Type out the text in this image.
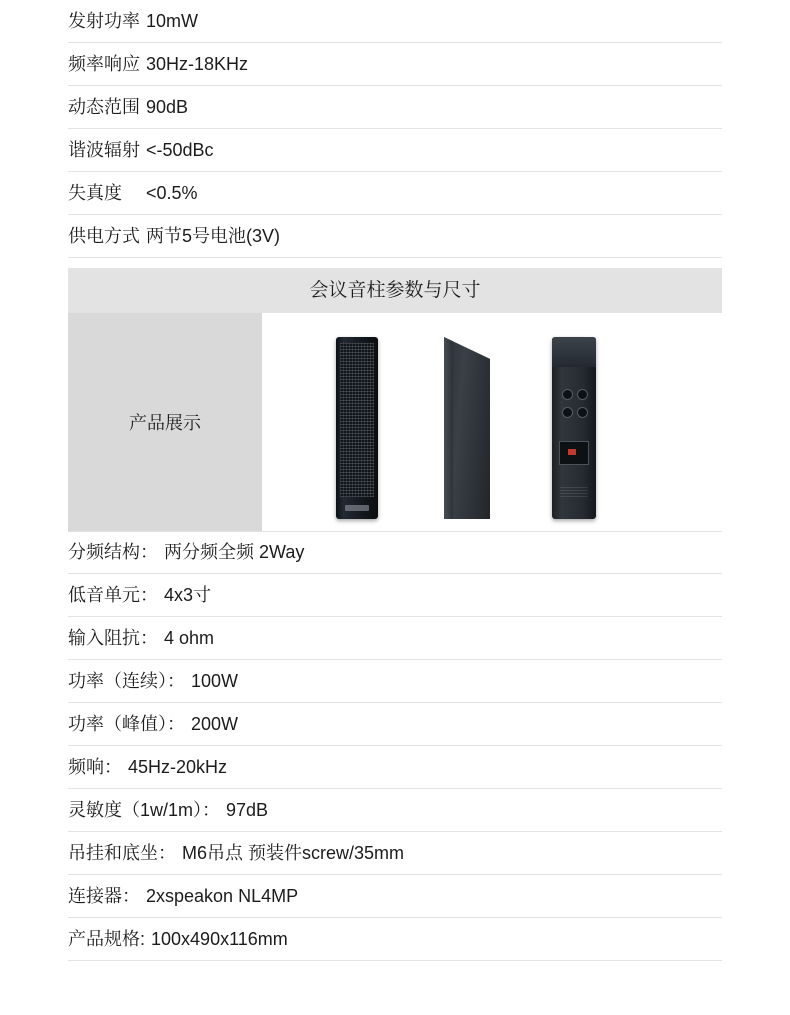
发射功率 10mW
频率响应 30Hz-18KHz
动态范围 90dB
谐波辐射 <-50dBc
失真度　<0.5%
供电方式 两节5号电池(3V)
会议音柱参数与尺寸
产品展示
分频结构： 两分频全频 2Way
低音单元： 4x3寸
输入阻抗： 4 ohm
功率（连续）： 100W
功率（峰值）： 200W
频响： 45Hz-20kHz
灵敏度（1w/1m）： 97dB
吊挂和底坐： M6吊点 预装件screw/35mm
连接器： 2xspeakon NL4MP
产品规格: 100x490x116mm
